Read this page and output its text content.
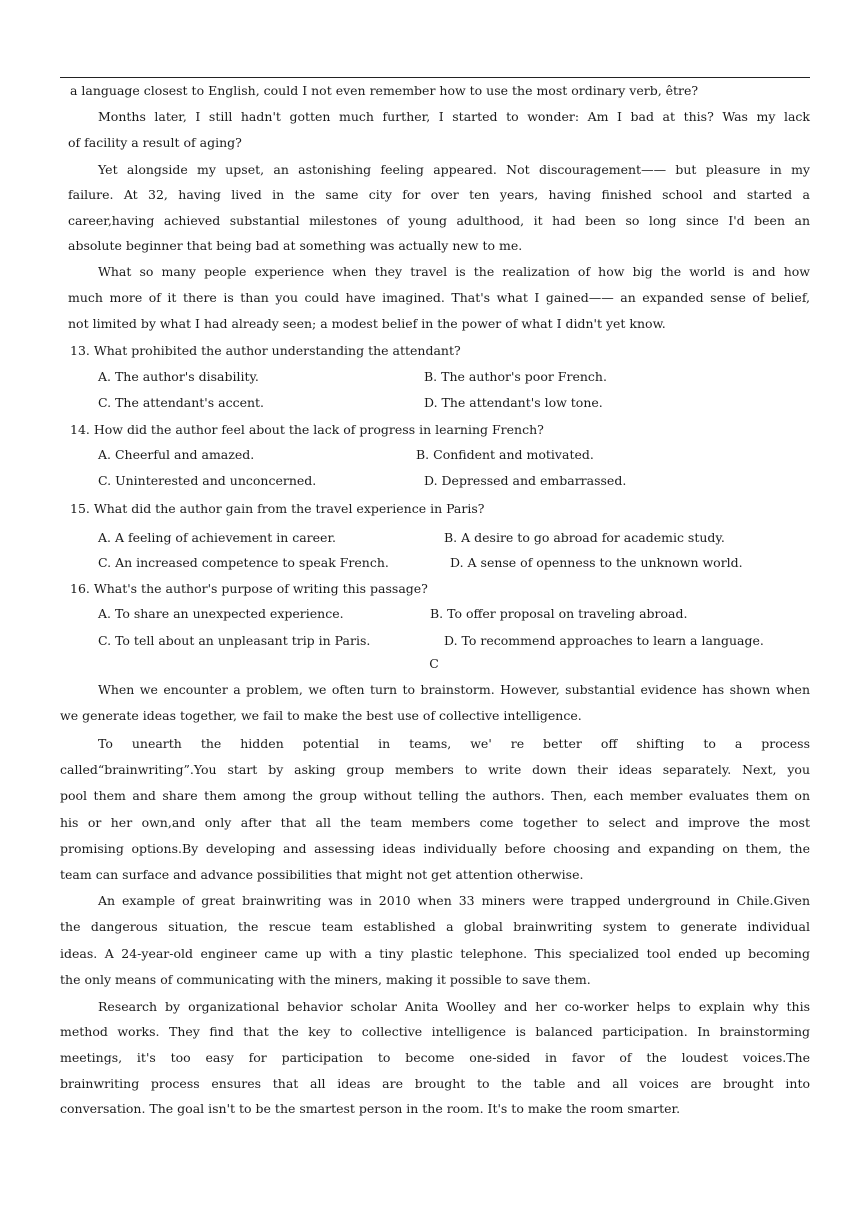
a language closest to English, could I not even remember how to use the most ordinary verb, être?
Months later, I still hadn't gotten much further, I started to wonder: Am I bad at this? Was my lack
of facility a result of aging?
Yet alongside my upset, an astonishing feeling appeared. Not discouragement—— but pleasure in my
failure. At 32, having lived in the same city for over ten years, having finished school and started a
career,having achieved substantial milestones of young adulthood, it had been so long since I'd been an
absolute beginner that being bad at something was actually new to me.
What so many people experience when they travel is the realization of how big the world is and how
much more of it there is than you could have imagined. That's what I gained—— an expanded sense of belief,
not limited by what I had already seen; a modest belief in the power of what I didn't yet know.
13. What prohibited the author understanding the attendant?
A. The author's disability.	B. The author's poor French.
C. The attendant's accent.	D. The attendant's low tone.
14. How did the author feel about the lack of progress in learning French?
A. Cheerful and amazed.	B. Confident and motivated.
C. Uninterested and unconcerned.	D. Depressed and embarrassed.
15. What did the author gain from the travel experience in Paris?
A. A feeling of achievement in career.	B. A desire to go abroad for academic study.
C. An increased competence to speak French.	D. A sense of openness to the unknown world.
16. What's the author's purpose of writing this passage?
A. To share an unexpected experience.	B. To offer proposal on traveling abroad.
C. To tell about an unpleasant trip in Paris.	D. To recommend approaches to learn a language.
C
When we encounter a problem, we often turn to brainstorm. However, substantial evidence has shown when
we generate ideas together, we fail to make the best use of collective intelligence.
To unearth the hidden potential in teams, we' re better off shifting to a process
called“brainwriting”.You start by asking group members to write down their ideas separately. Next, you
pool them and share them among the group without telling the authors. Then, each member evaluates them on
his or her own,and only after that all the team members come together to select and improve the most
promising options.By developing and assessing ideas individually before choosing and expanding on them, the
team can surface and advance possibilities that might not get attention otherwise.
An example of great brainwriting was in 2010 when 33 miners were trapped underground in Chile.Given
the dangerous situation, the rescue team established a global brainwriting system to generate individual
ideas. A 24-year-old engineer came up with a tiny plastic telephone. This specialized tool ended up becoming
the only means of communicating with the miners, making it possible to save them.
Research by organizational behavior scholar Anita Woolley and her co-worker helps to explain why this
method works. They find that the key to collective intelligence is balanced participation. In brainstorming
meetings, it's too easy for participation to become one-sided in favor of the loudest voices.The
brainwriting process ensures that all ideas are brought to the table and all voices are brought into
conversation. The goal isn't to be the smartest person in the room. It's to make the room smarter.
